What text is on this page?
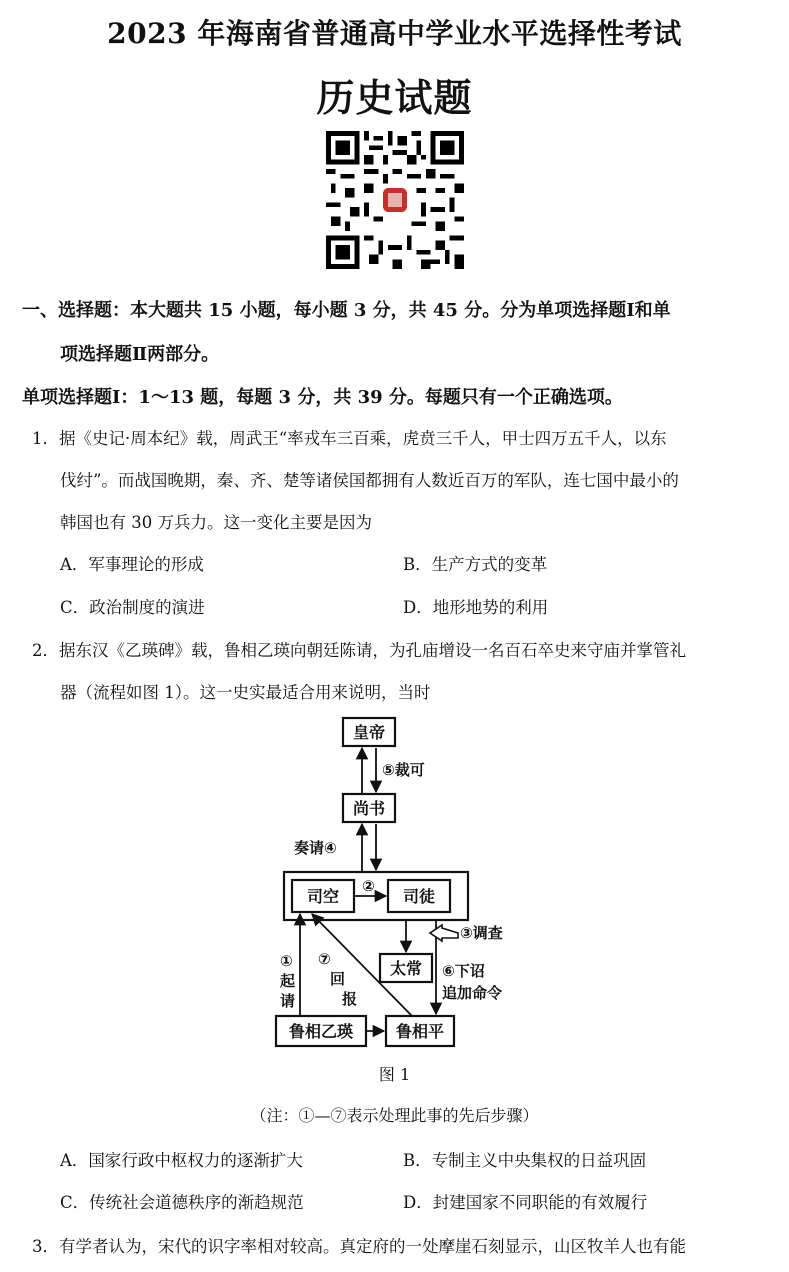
2023 年海南省普通高中学业水平选择性考试
历史试题
一、选择题：本大题共 15 小题，每小题 3 分，共 45 分。分为单项选择题Ⅰ和单
项选择题Ⅱ两部分。
单项选择题Ⅰ：1～13 题，每题 3 分，共 39 分。每题只有一个正确选项。
1．据《史记·周本纪》载，周武王“率戎车三百乘，虎贲三千人，甲士四万五千人，以东
伐纣”。而战国晚期，秦、齐、楚等诸侯国都拥有人数近百万的军队，连七国中最小的
韩国也有 30 万兵力。这一变化主要是因为
A．军事理论的形成	B．生产方式的变革
C．政治制度的演进	D．地形地势的利用
2．据东汉《乙瑛碑》载，鲁相乙瑛向朝廷陈请，为孔庙增设一名百石卒史来守庙并掌管礼
器（流程如图 1）。这一史实最适合用来说明，当时
皇帝
尚书
司空	司徒
太常
鲁相乙瑛	鲁相平
⑤裁可
奏请④
②
③调查
①
起
请
⑦
回
报
⑥下诏
追加命令
图 1
（注：①—⑦表示处理此事的先后步骤）
A．国家行政中枢权力的逐渐扩大	B．专制主义中央集权的日益巩固
C．传统社会道德秩序的渐趋规范	D．封建国家不同职能的有效履行
3．有学者认为，宋代的识字率相对较高。真定府的一处摩崖石刻显示，山区牧羊人也有能
